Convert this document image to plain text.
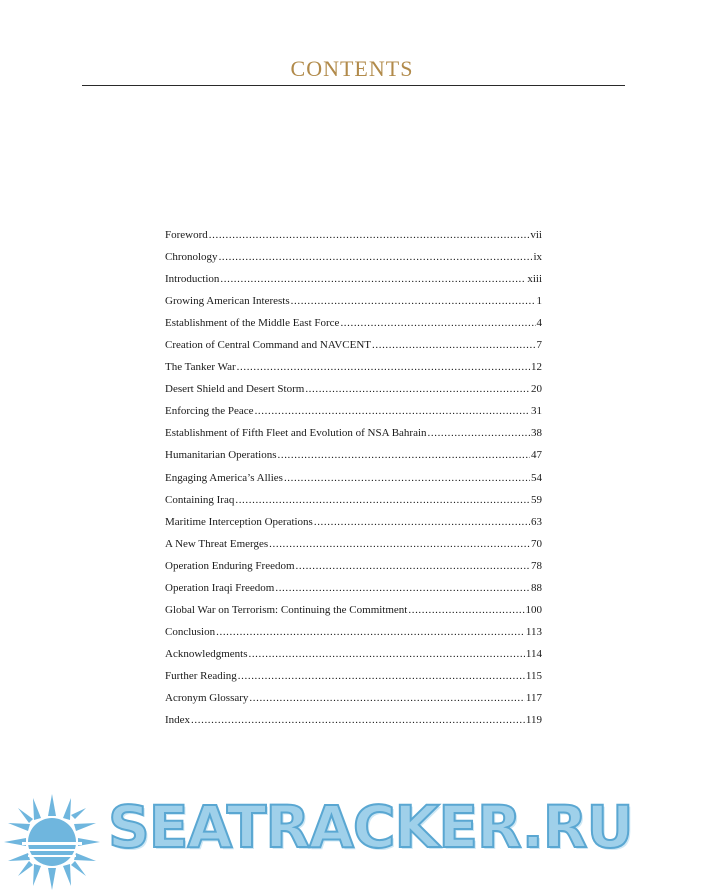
CONTENTS
Foreword .....	vii
Chronology .....	ix
Introduction .....	xiii
Growing American Interests .....	1
Establishment of the Middle East Force .....	4
Creation of Central Command and NAVCENT .....	7
The Tanker War .....	12
Desert Shield and Desert Storm .....	20
Enforcing the Peace .....	31
Establishment of Fifth Fleet and Evolution of NSA Bahrain .....	38
Humanitarian Operations .....	47
Engaging America’s Allies .....	54
Containing Iraq .....	59
Maritime Interception Operations .....	63
A New Threat Emerges .....	70
Operation Enduring Freedom .....	78
Operation Iraqi Freedom .....	88
Global War on Terrorism: Continuing the Commitment .....	100
Conclusion .....	113
Acknowledgments .....	114
Further Reading .....	115
Acronym Glossary .....	117
Index .....	119
SEATRACKER.RU
